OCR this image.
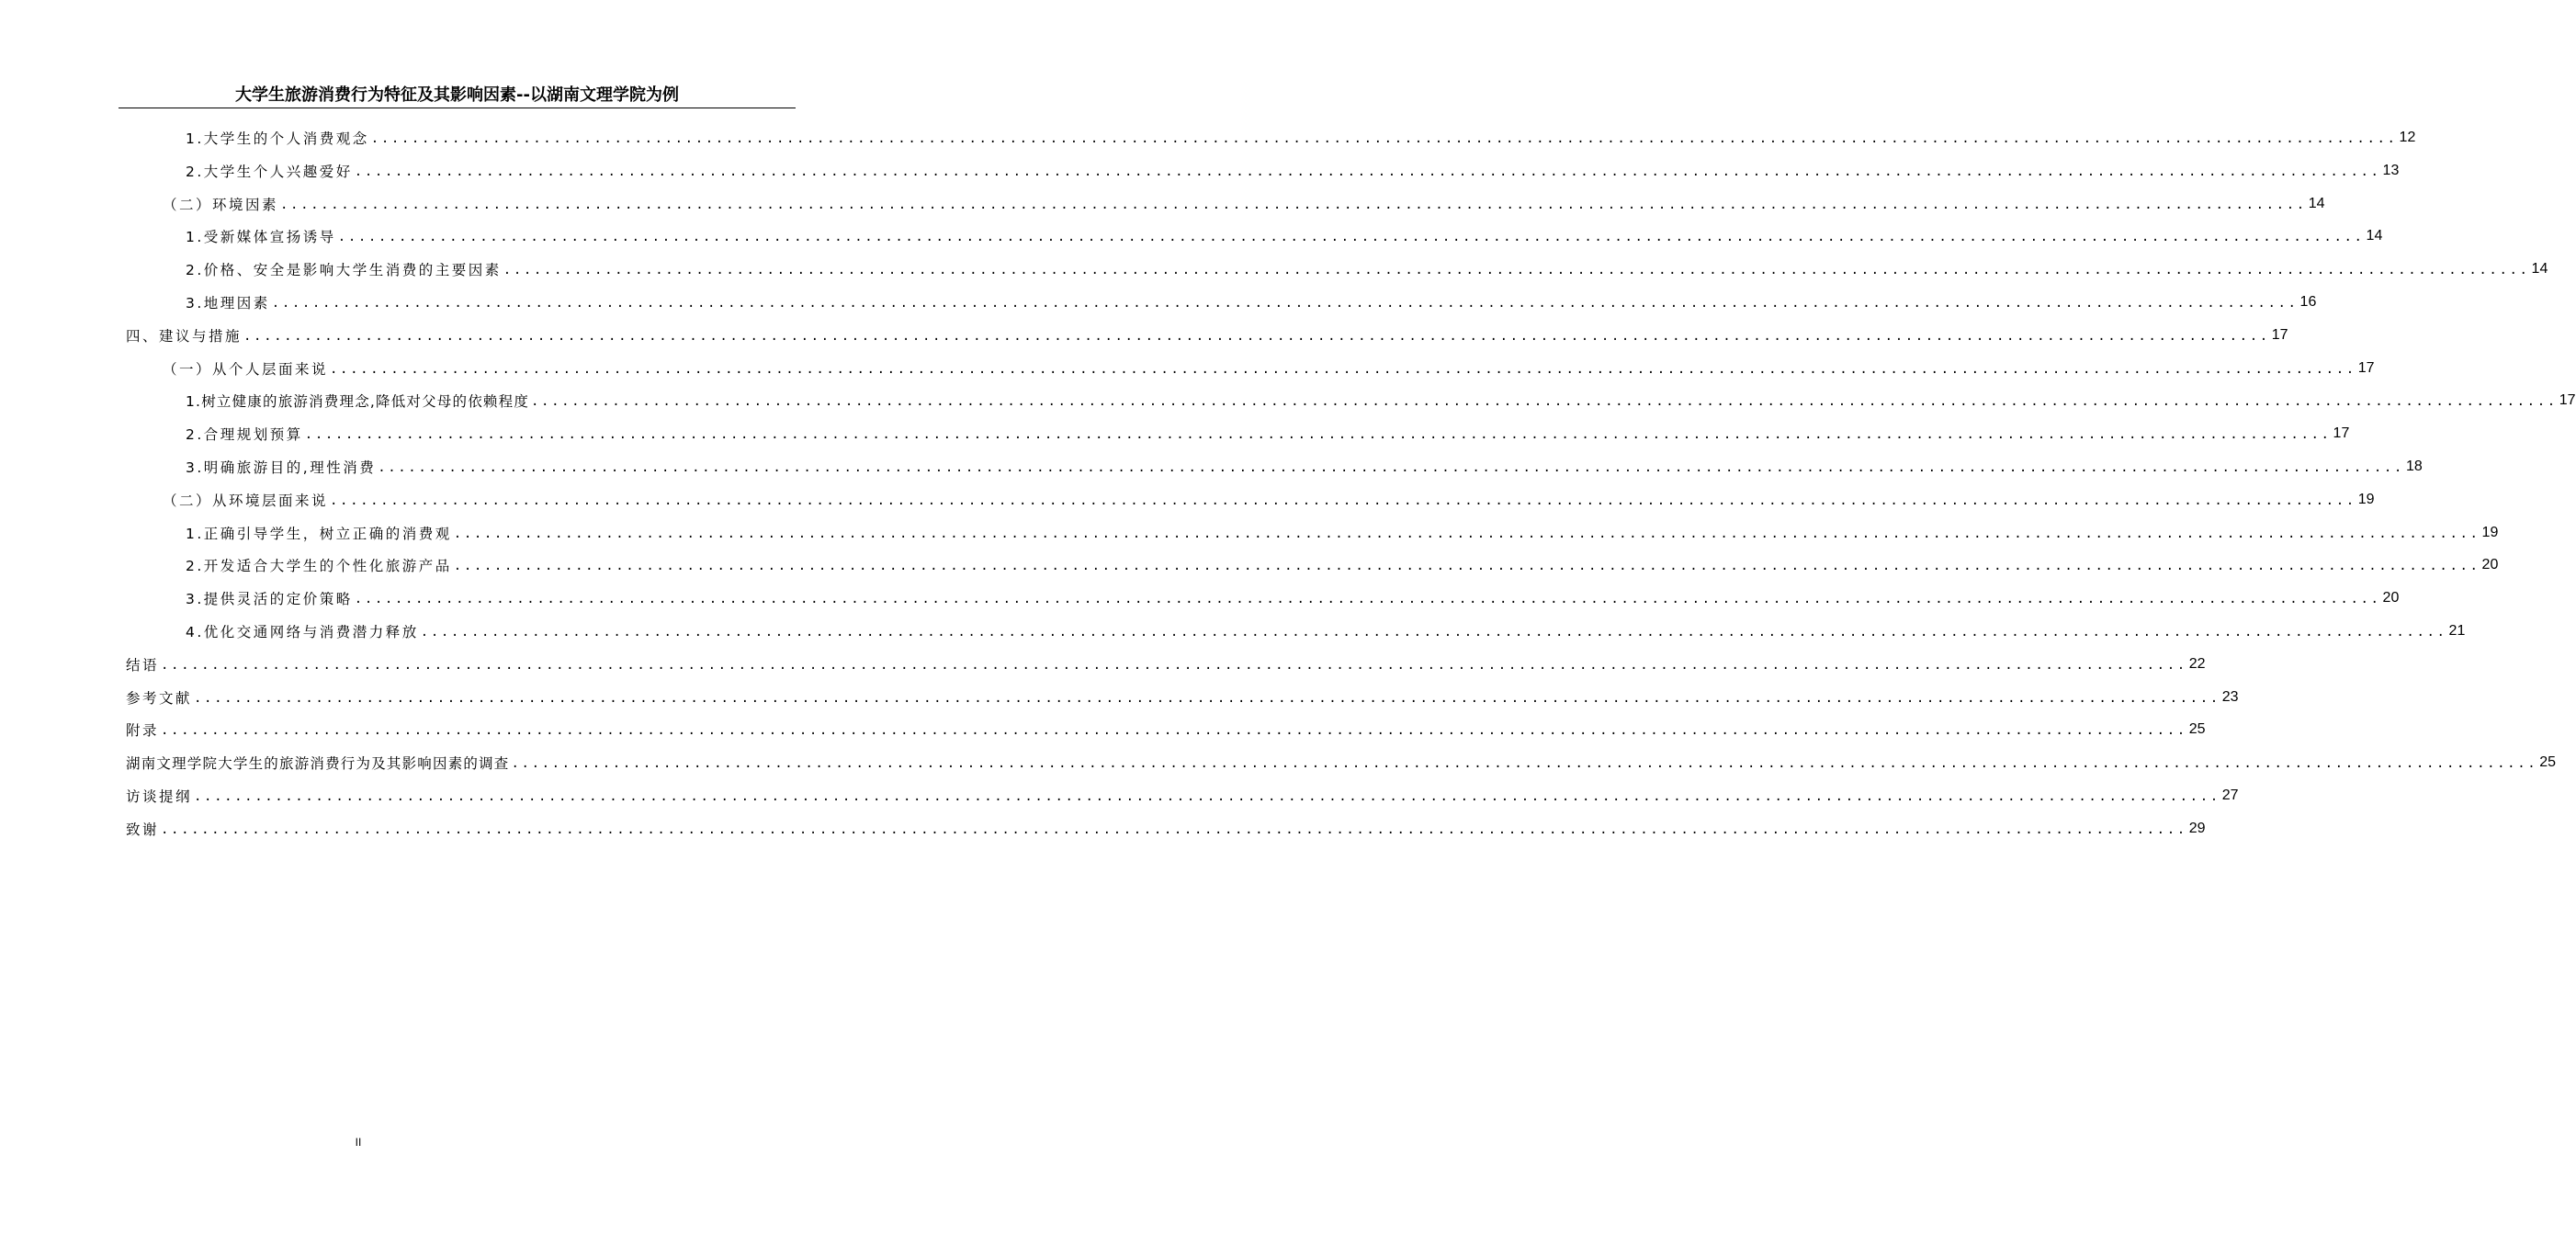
大学生旅游消费行为特征及其影响因素--以湖南文理学院为例
1.大学生的个人消费观念 ........................................................................................................................................................................................................ 12
2.大学生个人兴趣爱好 ........................................................................................................................................................................................................ 13
（二）环境因素 ........................................................................................................................................................................................................ 14
1.受新媒体宣扬诱导 ........................................................................................................................................................................................................ 14
2.价格、安全是影响大学生消费的主要因素 ........................................................................................................................................................................................................ 14
3.地理因素 ........................................................................................................................................................................................................ 16
四、建议与措施 ........................................................................................................................................................................................................ 17
（一）从个人层面来说 ........................................................................................................................................................................................................ 17
1.树立健康的旅游消费理念,降低对父母的依赖程度 ........................................................................................................................................................................................................ 17
2.合理规划预算 ........................................................................................................................................................................................................ 17
3.明确旅游目的,理性消费 ........................................................................................................................................................................................................ 18
（二）从环境层面来说 ........................................................................................................................................................................................................ 19
1.正确引导学生，树立正确的消费观 ........................................................................................................................................................................................................ 19
2.开发适合大学生的个性化旅游产品 ........................................................................................................................................................................................................ 20
3.提供灵活的定价策略 ........................................................................................................................................................................................................ 20
4.优化交通网络与消费潜力释放 ........................................................................................................................................................................................................ 21
结语 ........................................................................................................................................................................................................ 22
参考文献 ........................................................................................................................................................................................................ 23
附录 ........................................................................................................................................................................................................ 25
湖南文理学院大学生的旅游消费行为及其影响因素的调查 ........................................................................................................................................................................................................ 25
访谈提纲 ........................................................................................................................................................................................................ 27
致谢 ........................................................................................................................................................................................................ 29
II
